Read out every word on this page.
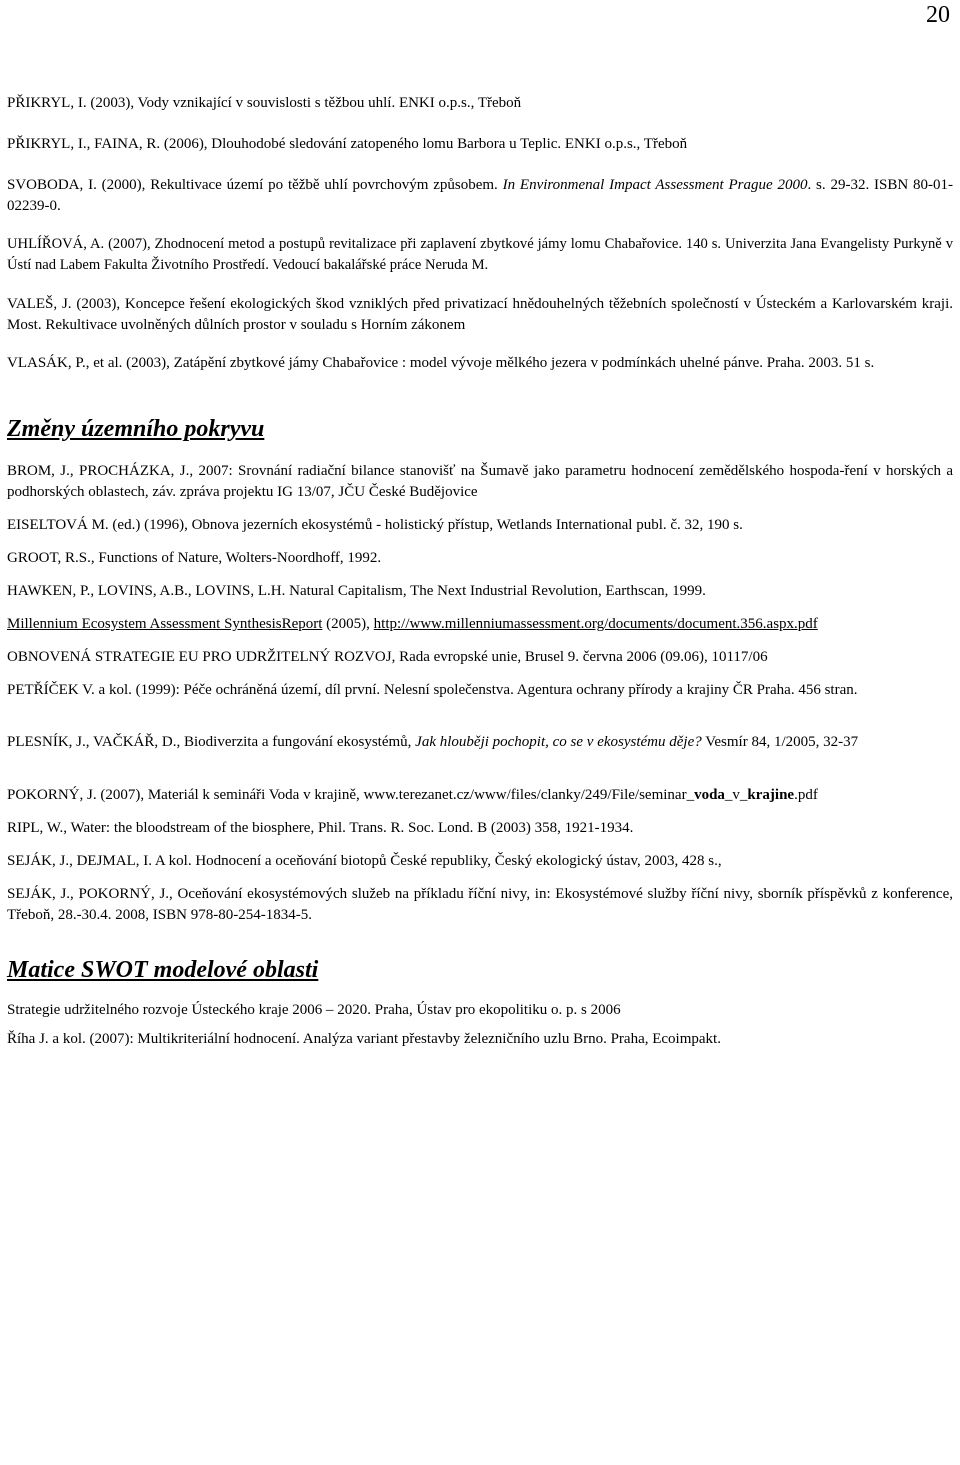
20

PŘIKRYL, I. (2003), Vody vznikající v souvislosti s těžbou uhlí. ENKI o.p.s., Třeboň

PŘIKRYL, I., FAINA, R. (2006), Dlouhodobé sledování zatopeného lomu Barbora u Teplic. ENKI o.p.s., Třeboň

SVOBODA, I. (2000), Rekultivace území po těžbě uhlí povrchovým způsobem. In Environmenal Impact Assessment Prague 2000. s. 29-32. ISBN 80-01-02239-0.

UHLÍŘOVÁ, A. (2007), Zhodnocení metod a postupů revitalizace při zaplavení zbytkové jámy lomu Chabařovice. 140 s. Univerzita Jana Evangelisty Purkyně v Ústí nad Labem Fakulta Životního Prostředí. Vedoucí bakalářské práce Neruda M.

VALEŠ, J. (2003), Koncepce řešení ekologických škod vzniklých před privatizací hnědouhelných těžebních společností v Ústeckém a Karlovarském kraji. Most. Rekultivace uvolněných důlních prostor v souladu s Horním zákonem

VLASÁK, P., et al. (2003), Zatápění zbytkové jámy Chabařovice : model vývoje mělkého jezera v podmínkách uhelné pánve. Praha. 2003. 51 s.

Změny územního pokryvu

BROM, J., PROCHÁZKA, J., 2007: Srovnání radiační bilance stanovišť na Šumavě jako parametru hodnocení zemědělského hospoda-ření v horských a podhorských oblastech, záv. zpráva projektu IG 13/07, JČU České Budějovice

EISELTOVÁ M. (ed.) (1996), Obnova jezerních ekosystémů - holistický přístup, Wetlands International publ. č. 32, 190 s.

GROOT, R.S., Functions of Nature, Wolters-Noordhoff, 1992.

HAWKEN, P., LOVINS, A.B., LOVINS, L.H. Natural Capitalism, The Next Industrial Revolution, Earthscan, 1999.

Millennium Ecosystem Assessment SynthesisReport (2005), http://www.millenniumassessment.org/documents/document.356.aspx.pdf

OBNOVENÁ STRATEGIE EU PRO UDRŽITELNÝ ROZVOJ, Rada evropské unie, Brusel 9. června 2006 (09.06), 10117/06

PETŘÍČEK V. a kol. (1999): Péče ochráněná území, díl první. Nelesní společenstva. Agentura ochrany přírody a krajiny ČR Praha. 456 stran.

PLESNÍK, J., VAČKÁŘ, D., Biodiverzita a fungování ekosystémů, Jak hlouběji pochopit, co se v ekosystému děje? Vesmír 84, 1/2005, 32-37

POKORNÝ, J. (2007), Materiál k semináři Voda v krajině, www.terezanet.cz/www/files/clanky/249/File/seminar_voda_v_krajine.pdf

RIPL, W., Water: the bloodstream of the biosphere, Phil. Trans. R. Soc. Lond. B (2003) 358, 1921-1934.

SEJÁK, J., DEJMAL, I. A kol. Hodnocení a oceňování biotopů České republiky, Český ekologický ústav, 2003, 428 s.,

SEJÁK, J., POKORNÝ, J., Oceňování ekosystémových služeb na příkladu říční nivy, in: Ekosystémové služby říční nivy, sborník příspěvků z konference, Třeboň, 28.-30.4. 2008, ISBN 978-80-254-1834-5.

Matice SWOT modelové oblasti

Strategie udržitelného rozvoje Ústeckého kraje 2006 – 2020. Praha, Ústav pro ekopolitiku o. p. s 2006

Říha J. a kol. (2007): Multikriteriální hodnocení. Analýza variant přestavby železničního uzlu Brno. Praha, Ecoimpakt.
